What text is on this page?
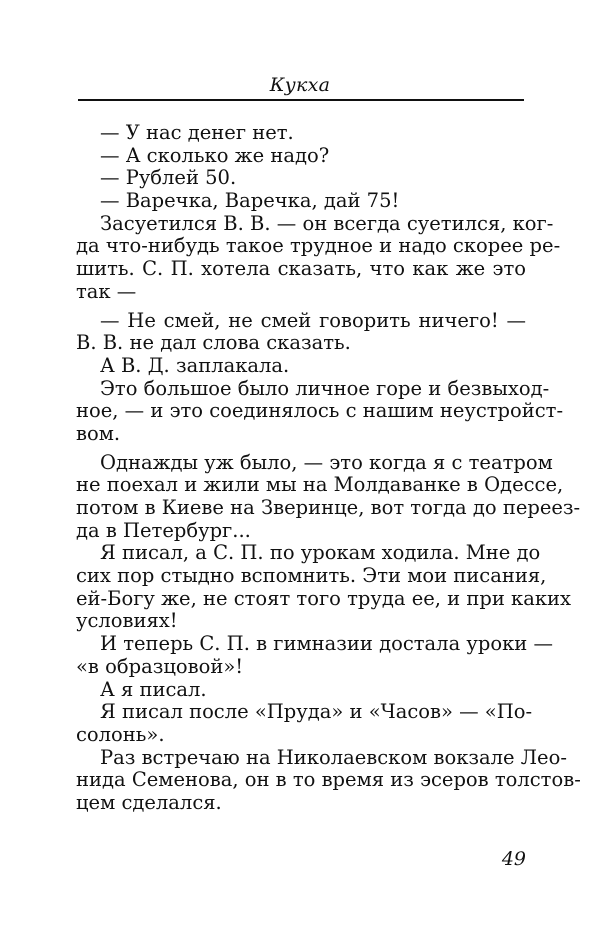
Кукха
— У нас денег нет.
— А сколько же надо?
— Рублей 50.
— Варечка, Варечка, дай 75!
Засуетился В. В. — он всегда суетился, ког-
да что-нибудь такое трудное и надо скорее ре-
шить. С. П. хотела сказать, что как же это
так —
— Не смей, не смей говорить ничего! —
В. В. не дал слова сказать.
А В. Д. заплакала.
Это большое было личное горе и безвыход-
ное, — и это соединялось с нашим неустройст-
вом.
Однажды уж было, — это когда я с театром
не поехал и жили мы на Молдаванке в Одессе,
потом в Киеве на Зверинце, вот тогда до переез-
да в Петербург...
Я писал, а С. П. по урокам ходила. Мне до
сих пор стыдно вспомнить. Эти мои писания,
ей-Богу же, не стоят того труда ее, и при каких
условиях!
И теперь С. П. в гимназии достала уроки —
«в образцовой»!
А я писал.
Я писал после «Пруда» и «Часов» — «По-
солонь».
Раз встречаю на Николаевском вокзале Лео-
нида Семенова, он в то время из эсеров толстов-
цем сделался.
49
